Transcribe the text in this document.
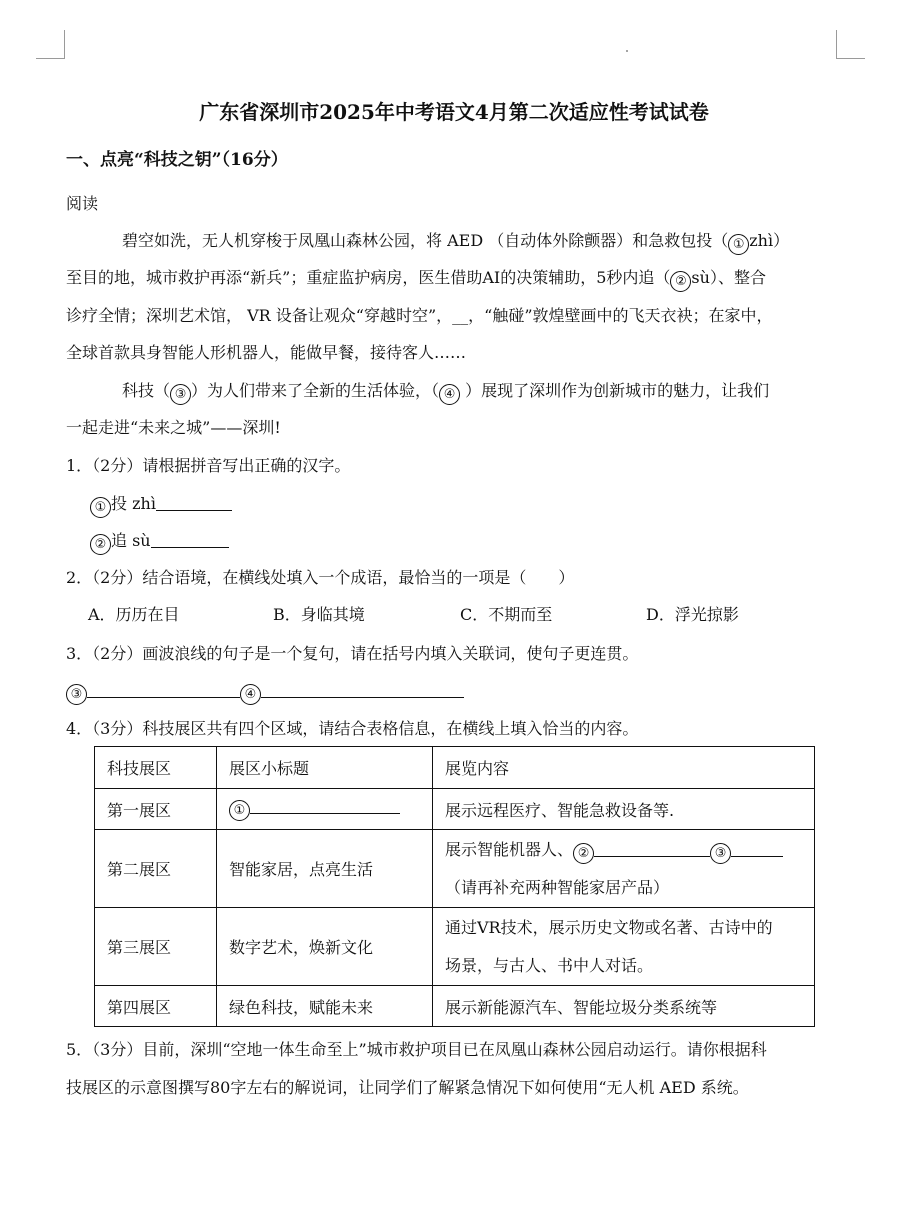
广东省深圳市2025年中考语文4月第二次适应性考试试卷
一、点亮“科技之钥”（16分）
阅读
碧空如洗，无人机穿梭于凤凰山森林公园，将 AED （自动体外除颤器）和急救包投（ ① zhì）
至目的地，城市救护再添“新兵”；重症监护病房，医生借助AI的决策辅助，5秒内追（ ② sù）、整合
诊疗全情；深圳艺术馆， VR 设备让观众“穿越时空”，__，“触碰”敦煌壁画中的飞天衣袂；在家中，
全球首款具身智能人形机器人，能做早餐，接待客人……
科技（ ③ ）为人们带来了全新的生活体验，（ ④ ）展现了深圳作为创新城市的魅力，让我们
一起走进“未来之城”——深圳!
1．（2分）请根据拼音写出正确的汉字。
① 投 zhì
② 追 sù
2．（2分）结合语境，在横线处填入一个成语，最恰当的一项是（　　）
A．历历在目	B．身临其境	C．不期而至	D．浮光掠影
3．（2分）画波浪线的句子是一个复句，请在括号内填入关联词，使句子更连贯。
③	④
4．（3分）科技展区共有四个区域，请结合表格信息，在横线上填入恰当的内容。
科技展区	展区小标题	展览内容
第一展区	①	展示远程医疗、智能急救设备等.
第二展区	智能家居，点亮生活	展示智能机器人、 ② ③
（请再补充两种智能家居产品）

第三展区	数字艺术，焕新文化	通过VR技术，展示历史文物或名著、古诗中的
场景，与古人、书中人对话。

第四展区	绿色科技，赋能未来	展示新能源汽车、智能垃圾分类系统等
5．（3分）目前，深圳“空地一体生命至上”城市救护项目已在凤凰山森林公园启动运行。请你根据科
技展区的示意图撰写80字左右的解说词，让同学们了解紧急情况下如何使用“无人机 AED 系统。
